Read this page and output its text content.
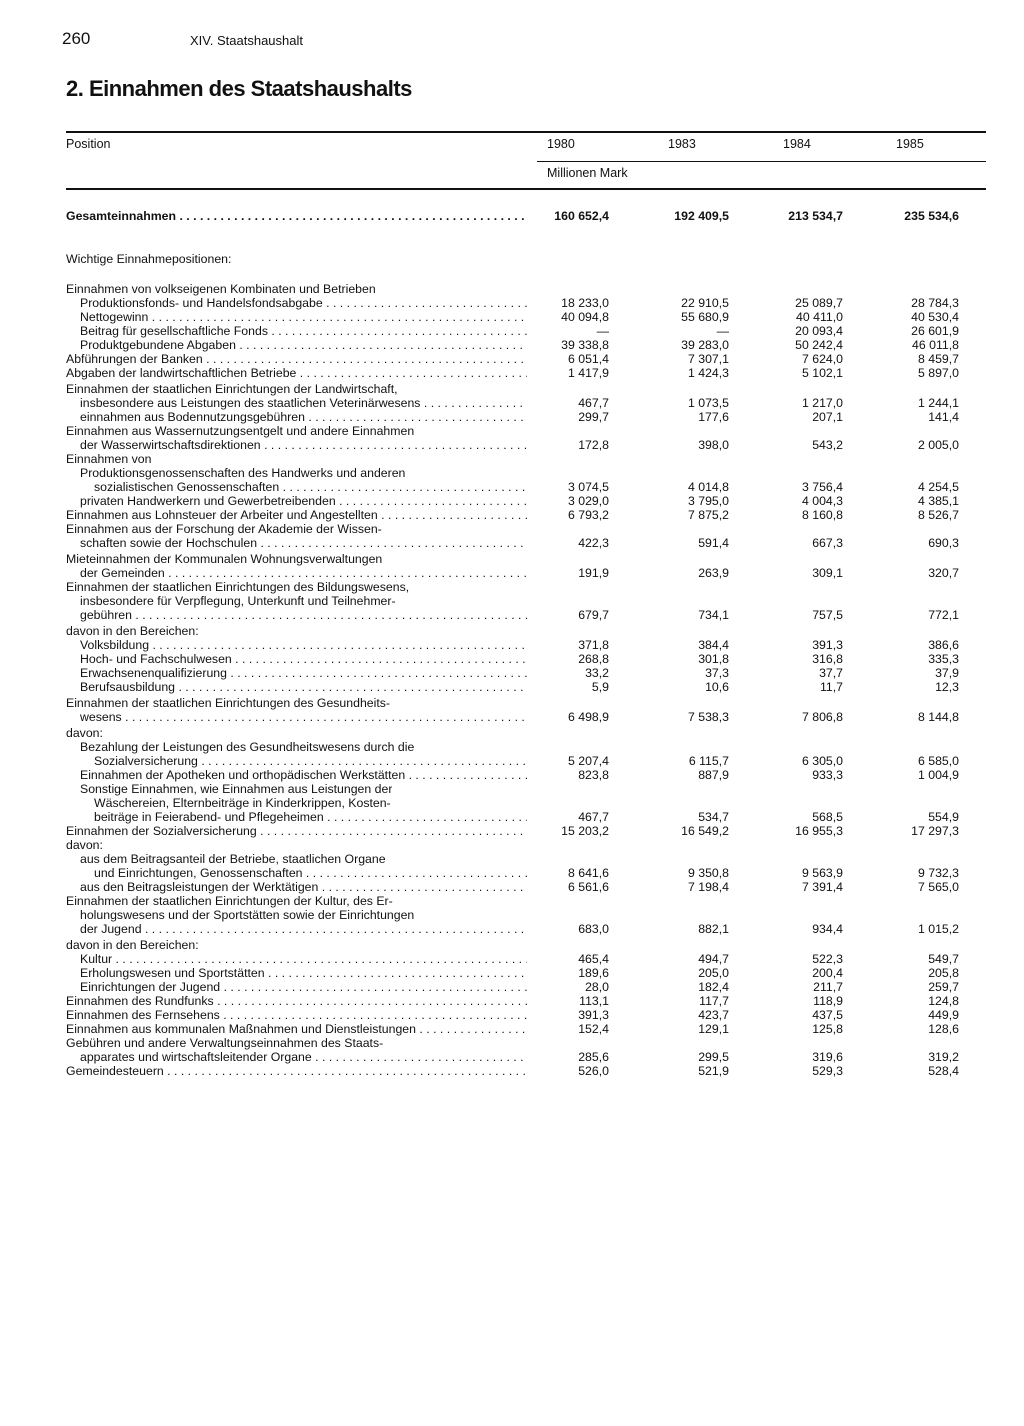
260	XIV. Staatshaushalt
2. Einnahmen des Staatshaushalts
Position	1980	1983	1984	1985
Millionen Mark
Gesamteinnahmen . . .	160 652,4	192 409,5	213 534,7	235 534,6
Wichtige Einnahmepositionen:
Einnahmen von volkseigenen Kombinaten und Betrieben
Produktionsfonds- und Handelsfondsabgabe . . .	18 233,0	22 910,5	25 089,7	28 784,3
Nettogewinn . . .	40 094,8	55 680,9	40 411,0	40 530,4
Beitrag für gesellschaftliche Fonds . . .	—	—	20 093,4	26 601,9
Produktgebundene Abgaben . . .	39 338,8	39 283,0	50 242,4	46 011,8
Abführungen der Banken . . .	6 051,4	7 307,1	7 624,0	8 459,7
Abgaben der landwirtschaftlichen Betriebe . . .	1 417,9	1 424,3	5 102,1	5 897,0
Einnahmen der staatlichen Einrichtungen der Landwirtschaft,
insbesondere aus Leistungen des staatlichen Veterinärwesens . . .	467,7	1 073,5	1 217,0	1 244,1
einnahmen aus Bodennutzungsgebühren . . .	299,7	177,6	207,1	141,4
Einnahmen aus Wassernutzungsentgelt und andere Einnahmen
der Wasserwirtschaftsdirektionen . . .	172,8	398,0	543,2	2 005,0
Einnahmen von
Produktionsgenossenschaften des Handwerks und anderen
sozialistischen Genossenschaften . . .	3 074,5	4 014,8	3 756,4	4 254,5
privaten Handwerkern und Gewerbetreibenden . . .	3 029,0	3 795,0	4 004,3	4 385,1
Einnahmen aus Lohnsteuer der Arbeiter und Angestellten . . .	6 793,2	7 875,2	8 160,8	8 526,7
Einnahmen aus der Forschung der Akademie der Wissen-
schaften sowie der Hochschulen . . .	422,3	591,4	667,3	690,3
Mieteinnahmen der Kommunalen Wohnungsverwaltungen
der Gemeinden . . .	191,9	263,9	309,1	320,7
Einnahmen der staatlichen Einrichtungen des Bildungswesens,
insbesondere für Verpflegung, Unterkunft und Teilnehmer-
gebühren . . .	679,7	734,1	757,5	772,1
davon in den Bereichen:
Volksbildung . . .	371,8	384,4	391,3	386,6
Hoch- und Fachschulwesen . . .	268,8	301,8	316,8	335,3
Erwachsenenqualifizierung . . .	33,2	37,3	37,7	37,9
Berufsausbildung . . .	5,9	10,6	11,7	12,3
Einnahmen der staatlichen Einrichtungen des Gesundheits-
wesens . . .	6 498,9	7 538,3	7 806,8	8 144,8
davon:
Bezahlung der Leistungen des Gesundheitswesens durch die
Sozialversicherung . . .	5 207,4	6 115,7	6 305,0	6 585,0
Einnahmen der Apotheken und orthopädischen Werkstätten . . .	823,8	887,9	933,3	1 004,9
Sonstige Einnahmen, wie Einnahmen aus Leistungen der
Wäschereien, Elternbeiträge in Kinderkrippen, Kosten-
beiträge in Feierabend- und Pflegeheimen . . .	467,7	534,7	568,5	554,9
Einnahmen der Sozialversicherung . . .	15 203,2	16 549,2	16 955,3	17 297,3
davon:
aus dem Beitragsanteil der Betriebe, staatlichen Organe
und Einrichtungen, Genossenschaften . . .	8 641,6	9 350,8	9 563,9	9 732,3
aus den Beitragsleistungen der Werktätigen . . .	6 561,6	7 198,4	7 391,4	7 565,0
Einnahmen der staatlichen Einrichtungen der Kultur, des Er-
holungswesens und der Sportstätten sowie der Einrichtungen
der Jugend . . .	683,0	882,1	934,4	1 015,2
davon in den Bereichen:
Kultur . . .	465,4	494,7	522,3	549,7
Erholungswesen und Sportstätten . . .	189,6	205,0	200,4	205,8
Einrichtungen der Jugend . . .	28,0	182,4	211,7	259,7
Einnahmen des Rundfunks . . .	113,1	117,7	118,9	124,8
Einnahmen des Fernsehens . . .	391,3	423,7	437,5	449,9
Einnahmen aus kommunalen Maßnahmen und Dienstleistungen . . .	152,4	129,1	125,8	128,6
Gebühren und andere Verwaltungseinnahmen des Staats-
apparates und wirtschaftsleitender Organe . . .	285,6	299,5	319,6	319,2
Gemeindesteuern . . .	526,0	521,9	529,3	528,4
